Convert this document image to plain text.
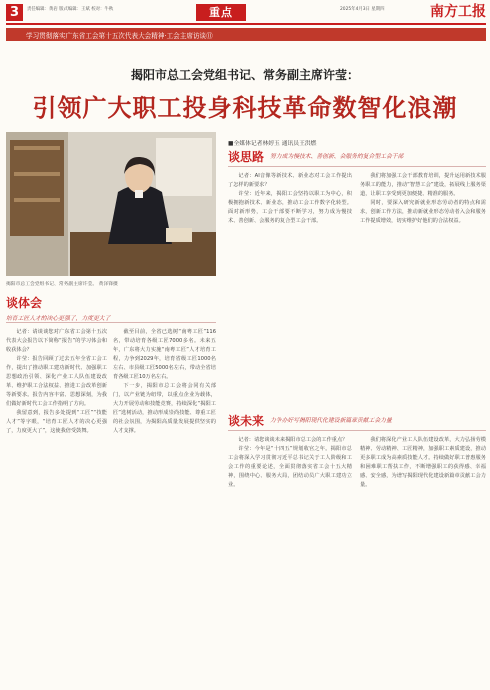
3	责任编辑：黄岩 版式编辑：王斌 校对：牛秋	重点	2025年4月3日 星期四	南方工报
学习贯彻落实广东省工会第十五次代表大会精神·工会主席访谈⑪
揭阳市总工会党组书记、常务副主席许莹：
引领广大职工投身科技革命数智化浪潮
■全媒体记者林婷玉 通讯员王洪燃
揭阳市总工会党组书记、常务副主席许莹。 黄泽锋摄
谈体会
培育工匠人才的决心更强了，力度更大了

记者：请谈谈您对广东省工会第十五次代表大会报告以下简称“报告”的学习体会和收获体会？

许莹：报告回顾了过去五年全省工会工作，提出了推动职工建功新时代、加强职工思想政治引领、深化产业工人队伍建设改革、维护职工合法权益、推进工会改革创新等新要求。报告内容丰富、思想深刻，为我们做好新时代工会工作指明了方向。

我留意到，报告多处提到“工匠”“技能人才”等字眼，“培育工匠人才的决心更强了，力度更大了”，这使我倍受鼓舞。

截至目前，全省已选树“南粤工匠”116名，带动培育各级工匠7000多名。未来五年，广东将大力实施“南粤工匠”人才培育工程，力争到2029年，培育省级工匠1000名左右、市县级工匠5000名左右，带动全省培育各级工匠10万名左右。

下一步，揭阳市总工会将会同有关部门，以产业链为纽带，以重点企业为载体，大力开展劳动和技能竞赛，持续深化“揭阳工匠”选树活动，推动形成崇尚技能、尊重工匠的社会氛围，为揭阳高质量发展提供坚实的人才支撑。

谈思路 努力成为慢技术、善创新、会服务的复合型工会干部

记者：AI音像等新技术、新业态对工会工作提出了怎样的新要求？

许莹：近年来，揭阳工会坚持以职工为中心，积极拥抱新技术、新业态，推动工会工作数字化转型。面对新形势，工会干部要不断学习，努力成为慢技术、善创新、会服务的复合型工会干部。

我们将加强工会干部教育培训，提升运用新技术服务职工的能力，推动“智慧工会”建设，拓展线上服务渠道，让职工享受到更加便捷、精准的服务。

同时，要深入研究新就业形态劳动者的特点和需求，创新工作方法，推动新就业形态劳动者入会和服务工作提质增效，切实维护好他们的合法权益。

谈未来 力争办好写揭阳现代化建设新篇章贡献工会力量

记者：请您谈谈未来揭阳市总工会的工作重点？

许莹：今年是“十四五”规划收官之年。揭阳市总工会将深入学习贯彻习近平总书记关于工人阶级和工会工作的重要论述，全面贯彻落实省工会十五大精神，围绕中心、服务大局，团结动员广大职工建功立业。

我们将深化产业工人队伍建设改革，大力弘扬劳模精神、劳动精神、工匠精神，加强职工素质建设，推动更多职工成为高素质技能人才。持续做好职工普惠服务和困难职工帮扶工作，不断增强职工的获得感、幸福感、安全感，为谱写揭阳现代化建设新篇章贡献工会力量。
